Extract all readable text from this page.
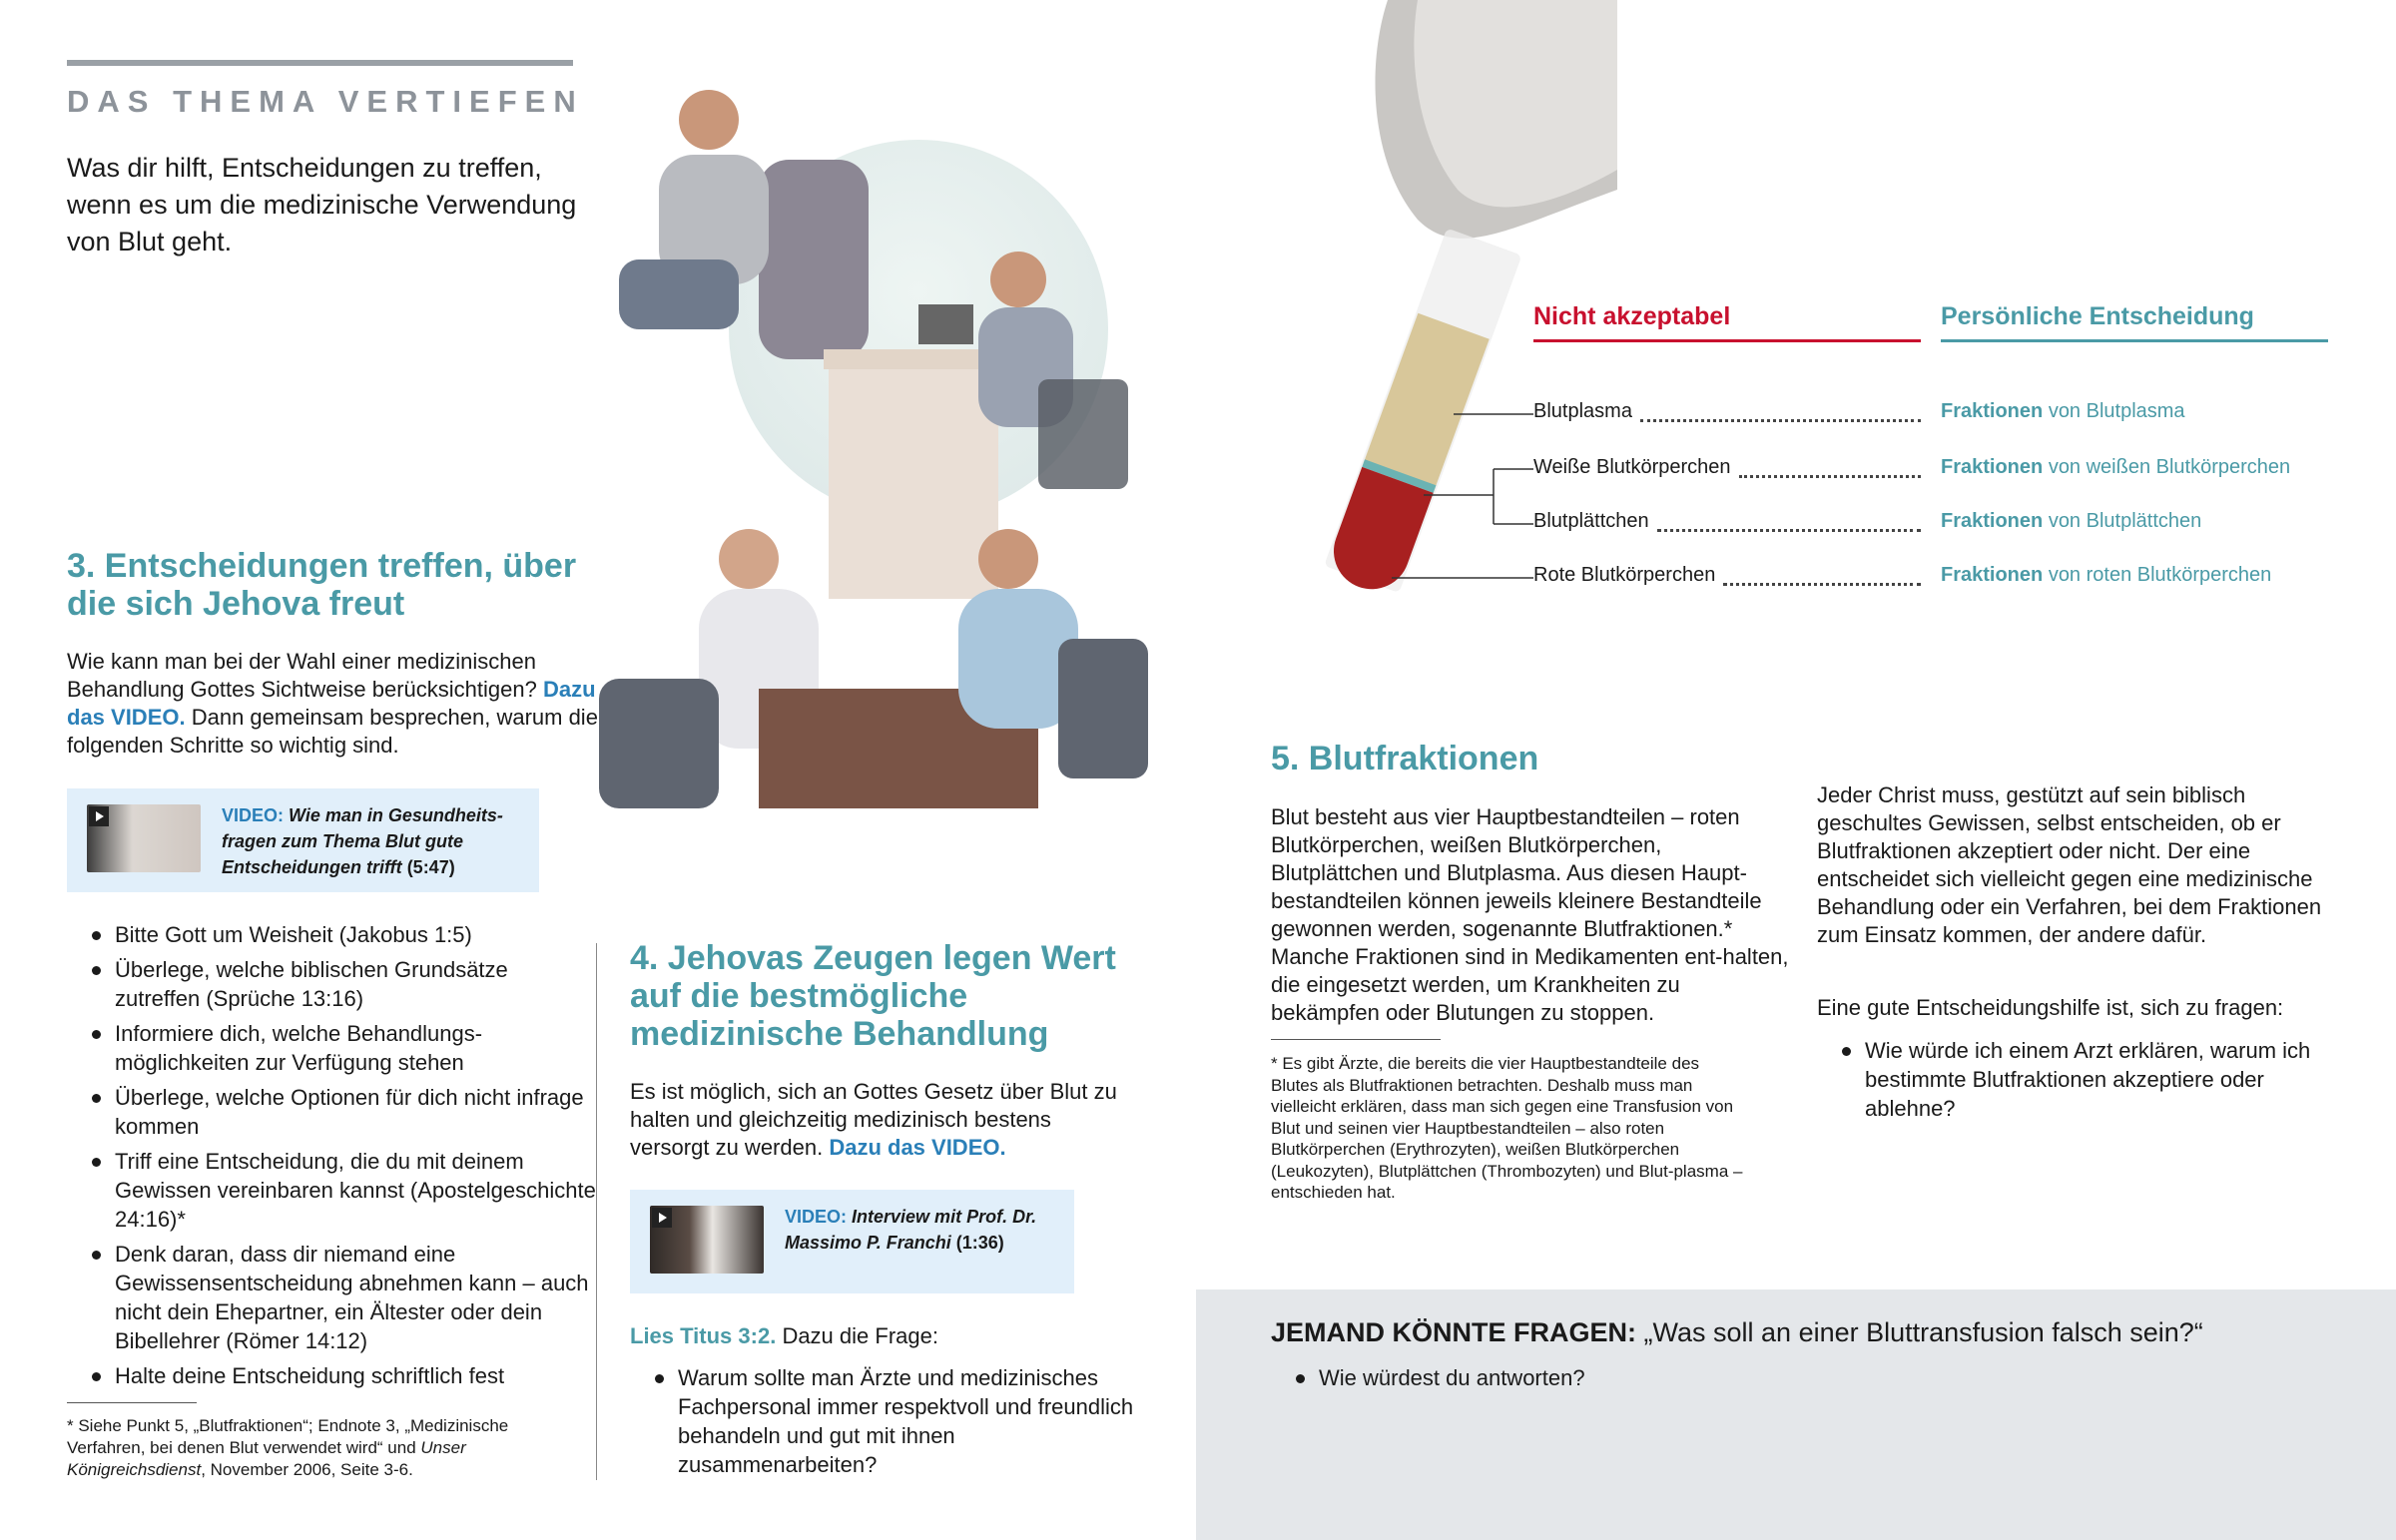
DAS THEMA VERTIEFEN

Was dir hilft, Entscheidungen zu treffen, wenn es um die medizinische Verwendung von Blut geht.

3. Entscheidungen treffen, über die sich Jehova freut

Wie kann man bei der Wahl einer medizinischen Behandlung Gottes Sichtweise berücksichtigen? Dazu das VIDEO. Dann gemeinsam besprechen, warum die folgenden Schritte so wichtig sind.

VIDEO: Wie man in Gesundheits-fragen zum Thema Blut gute Entscheidungen trifft (5:47)
Bitte Gott um Weisheit (Jakobus 1:5)
Überlege, welche biblischen Grundsätze zutreffen (Sprüche 13:16)
Informiere dich, welche Behandlungs-möglichkeiten zur Verfügung stehen
Überlege, welche Optionen für dich nicht infrage kommen
Triff eine Entscheidung, die du mit deinem Gewissen vereinbaren kannst (Apostelgeschichte 24:16)*
Denk daran, dass dir niemand eine Gewissensentscheidung abnehmen kann – auch nicht dein Ehepartner, ein Ältester oder dein Bibellehrer (Römer 14:12)
Halte deine Entscheidung schriftlich fest

* Siehe Punkt 5, „Blutfraktionen“; Endnote 3, „Medizinische Verfahren, bei denen Blut verwendet wird“ und Unser Königreichsdienst, November 2006, Seite 3-6.

4. Jehovas Zeugen legen Wert auf die bestmögliche medizinische Behandlung

Es ist möglich, sich an Gottes Gesetz über Blut zu halten und gleichzeitig medizinisch bestens versorgt zu werden. Dazu das VIDEO.

VIDEO: Interview mit Prof. Dr. Massimo P. Franchi (1:36)

Lies Titus 3:2. Dazu die Frage:

Warum sollte man Ärzte und medizinisches Fachpersonal immer respektvoll und freundlich behandeln und gut mit ihnen zusammenarbeiten?
Nicht akzeptabel	Persönliche Entscheidung
Blutplasma	Fraktionen von Blutplasma
Weiße Blutkörperchen	Fraktionen von weißen Blutkörperchen
Blutplättchen	Fraktionen von Blutplättchen
Rote Blutkörperchen	Fraktionen von roten Blutkörperchen
5. Blutfraktionen

Blut besteht aus vier Hauptbestandteilen – roten Blutkörperchen, weißen Blutkörperchen, Blutplättchen und Blutplasma. Aus diesen Haupt-bestandteilen können jeweils kleinere Bestandteile gewonnen werden, sogenannte Blutfraktionen.* Manche Fraktionen sind in Medikamenten ent-halten, die eingesetzt werden, um Krankheiten zu bekämpfen oder Blutungen zu stoppen.

* Es gibt Ärzte, die bereits die vier Hauptbestandteile des Blutes als Blutfraktionen betrachten. Deshalb muss man vielleicht erklären, dass man sich gegen eine Transfusion von Blut und seinen vier Hauptbestandteilen – also roten Blutkörperchen (Erythrozyten), weißen Blutkörperchen (Leukozyten), Blutplättchen (Thrombozyten) und Blut-plasma – entschieden hat.

Jeder Christ muss, gestützt auf sein biblisch geschultes Gewissen, selbst entscheiden, ob er Blutfraktionen akzeptiert oder nicht. Der eine entscheidet sich vielleicht gegen eine medizinische Behandlung oder ein Verfahren, bei dem Fraktionen zum Einsatz kommen, der andere dafür.

Eine gute Entscheidungshilfe ist, sich zu fragen:

Wie würde ich einem Arzt erklären, warum ich bestimmte Blutfraktionen akzeptiere oder ablehne?

JEMAND KÖNNTE FRAGEN: „Was soll an einer Bluttransfusion falsch sein?“

Wie würdest du antworten?
